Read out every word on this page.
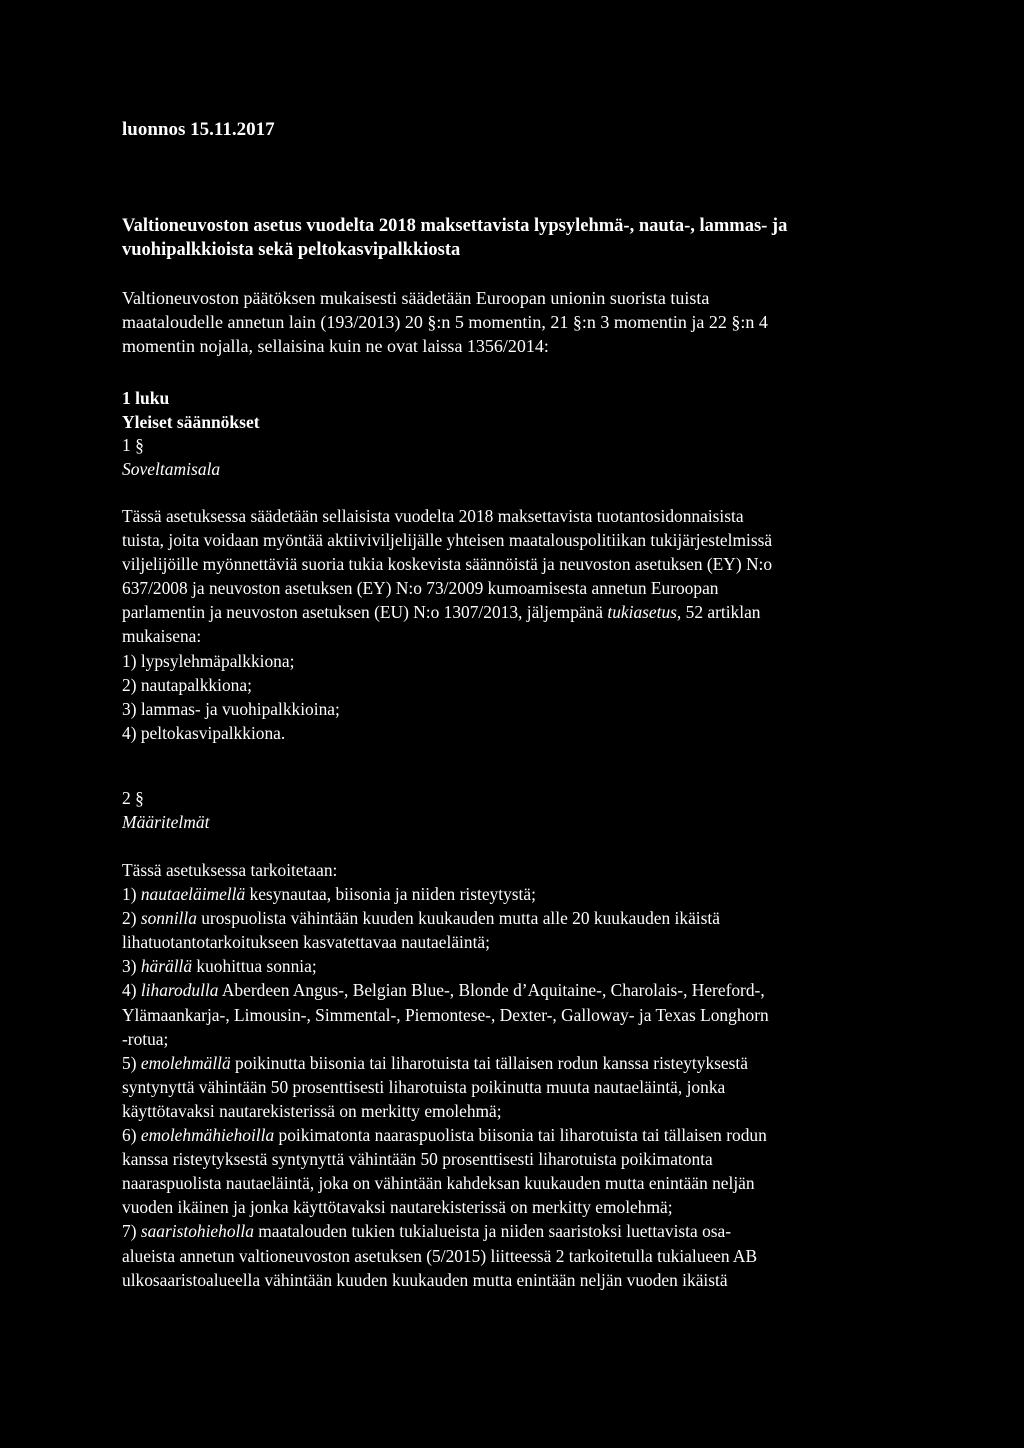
luonnos 15.11.2017
Valtioneuvoston asetus vuodelta 2018 maksettavista lypsylehmä-, nauta-, lammas- ja
vuohipalkkioista sekä peltokasvipalkkiosta
Valtioneuvoston päätöksen mukaisesti säädetään Euroopan unionin suorista tuista
maataloudelle annetun lain (193/2013) 20 §:n 5 momentin, 21 §:n 3 momentin ja 22 §:n 4
momentin nojalla, sellaisina kuin ne ovat laissa 1356/2014:
1 luku
Yleiset säännökset
1 §
Soveltamisala
Tässä asetuksessa säädetään sellaisista vuodelta 2018 maksettavista tuotantosidonnaisista
tuista, joita voidaan myöntää aktiiviviljelijälle yhteisen maatalouspolitiikan tukijärjestelmissä
viljelijöille myönnettäviä suoria tukia koskevista säännöistä ja neuvoston asetuksen (EY) N:o
637/2008 ja neuvoston asetuksen (EY) N:o 73/2009 kumoamisesta annetun Euroopan
parlamentin ja neuvoston asetuksen (EU) N:o 1307/2013, jäljempänä tukiasetus, 52 artiklan
mukaisena:
1) lypsylehmäpalkkiona;
2) nautapalkkiona;
3) lammas- ja vuohipalkkioina;
4) peltokasvipalkkiona.
2 §
Määritelmät
Tässä asetuksessa tarkoitetaan:
1) nautaeläimellä kesynautaa, biisonia ja niiden risteytystä;
2) sonnilla urospuolista vähintään kuuden kuukauden mutta alle 20 kuukauden ikäistä
lihatuotantotarkoitukseen kasvatettavaa nautaeläintä;
3) härällä kuohittua sonnia;
4) liharodulla Aberdeen Angus-, Belgian Blue-, Blonde d’Aquitaine-, Charolais-, Hereford-,
Ylämaankarja-, Limousin-, Simmental-, Piemontese-, Dexter-, Galloway- ja Texas Longhorn
-rotua;
5) emolehmällä poikinutta biisonia tai liharotuista tai tällaisen rodun kanssa risteytyksestä
syntynyttä vähintään 50 prosenttisesti liharotuista poikinutta muuta nautaeläintä, jonka
käyttötavaksi nautarekisterissä on merkitty emolehmä;
6) emolehmähiehoilla poikimatonta naaraspuolista biisonia tai liharotuista tai tällaisen rodun
kanssa risteytyksestä syntynyttä vähintään 50 prosenttisesti liharotuista poikimatonta
naaraspuolista nautaeläintä, joka on vähintään kahdeksan kuukauden mutta enintään neljän
vuoden ikäinen ja jonka käyttötavaksi nautarekisterissä on merkitty emolehmä;
7) saaristohieholla maatalouden tukien tukialueista ja niiden saaristoksi luettavista osa-
alueista annetun valtioneuvoston asetuksen (5/2015) liitteessä 2 tarkoitetulla tukialueen AB
ulkosaaristoalueella vähintään kuuden kuukauden mutta enintään neljän vuoden ikäistä
